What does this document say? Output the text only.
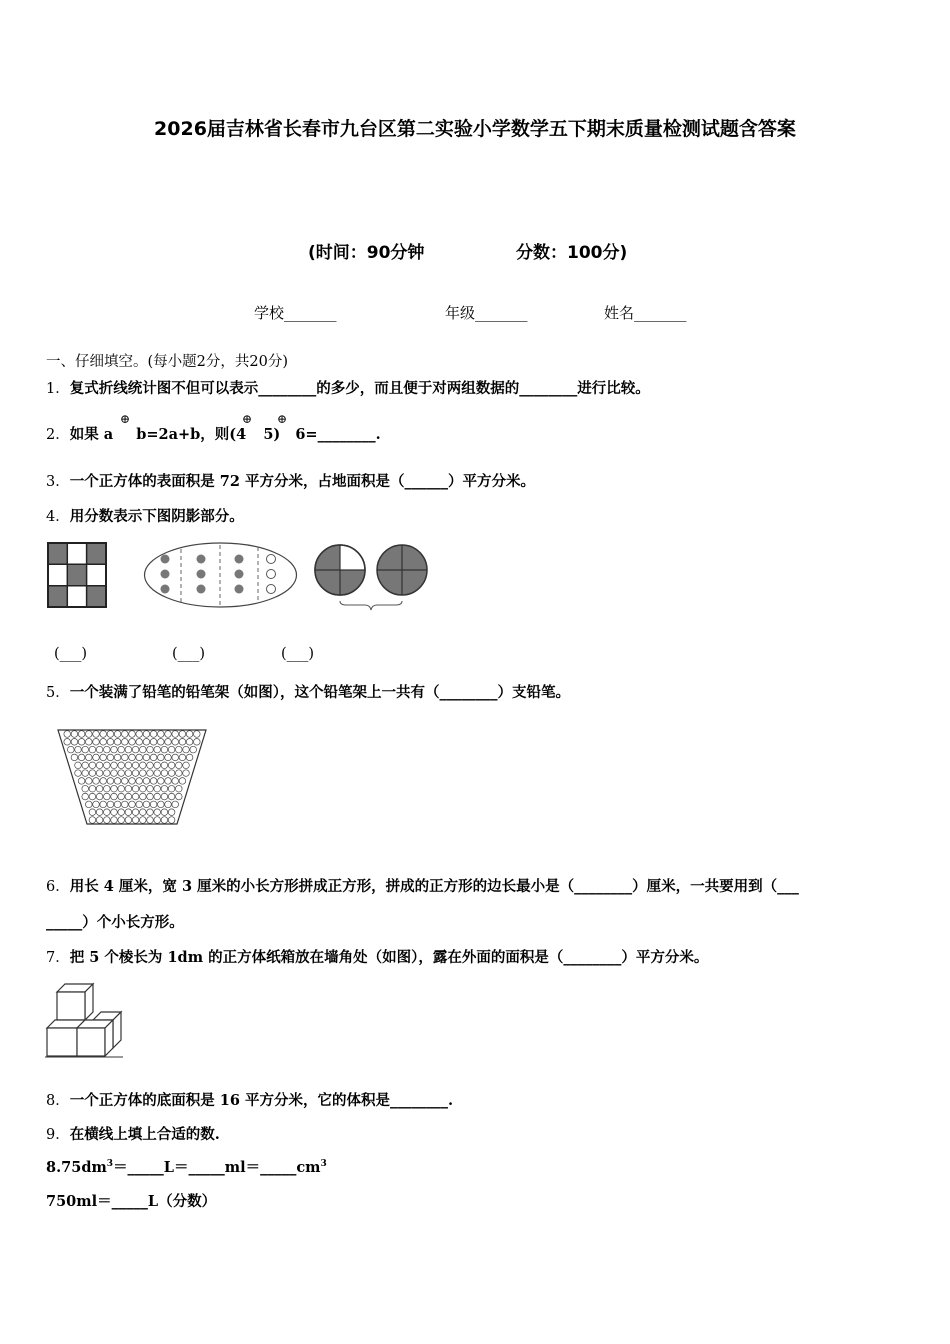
2026届吉林省长春市九台区第二实验小学数学五下期末质量检测试题含答案
(时间：90分钟	分数：100分)
学校_______	年级_______	姓名_______
一、仔细填空。(每小题2分，共20分)
1．复式折线统计图不但可以表示________的多少，而且便于对两组数据的________进行比较。
2．如果 a b=2a+b，则(4 5) 6=________.
⊕	⊕ ⊕
3．一个正方体的表面积是 72 平方分米，占地面积是（______）平方分米。
4．用分数表示下图阴影部分。
(___)	(___)	(___)
5．一个装满了铅笔的铅笔架（如图），这个铅笔架上一共有（________）支铅笔。
6．用长 4 厘米，宽 3 厘米的小长方形拼成正方形，拼成的正方形的边长最小是（________）厘米，一共要用到（___
_____）个小长方形。
7．把 5 个棱长为 1dm 的正方体纸箱放在墙角处（如图），露在外面的面积是（________）平方分米。
8．一个正方体的底面积是 16 平方分米，它的体积是________.
9．在横线上填上合适的数.
$8.75dm^3=\_\_\_\_\_L=\_\_\_\_\_ml=\_\_\_\_\_cm^3$
750ml＝_____L（分数）
